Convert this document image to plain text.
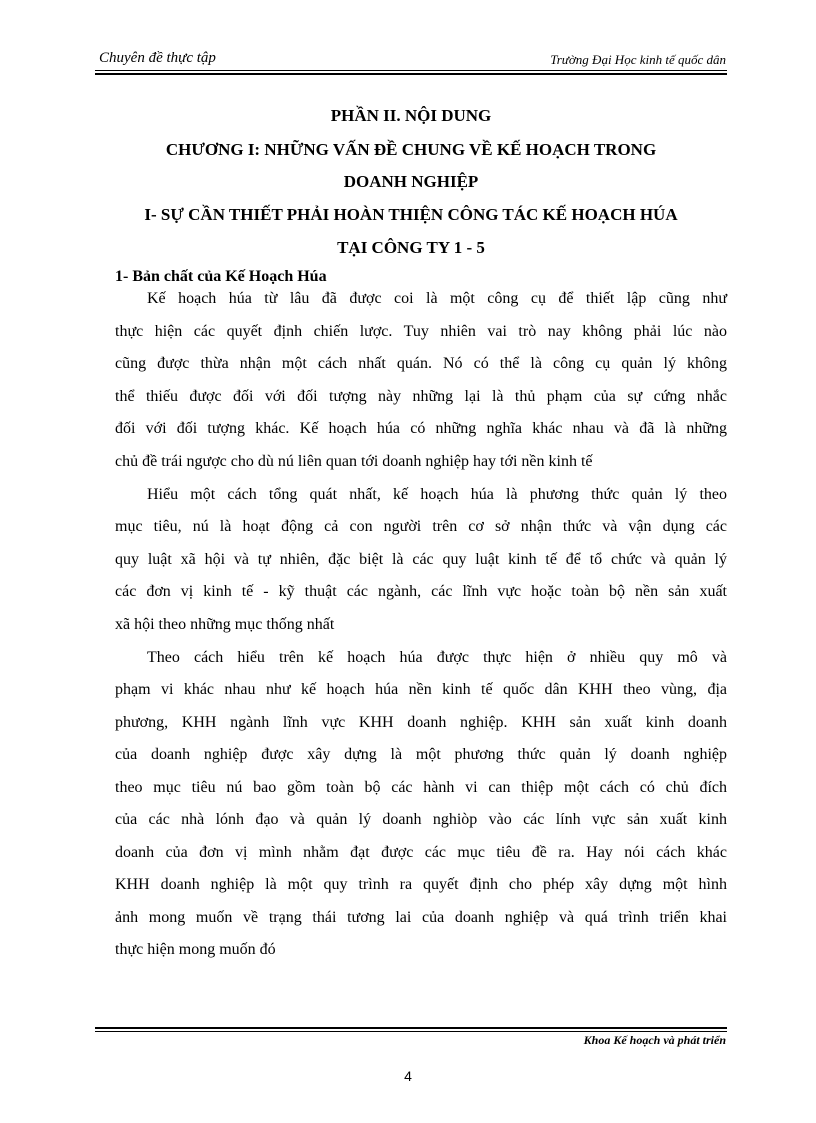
Chuyên đề thực tập	Trường Đại Học kinh tế quốc dân
PHẦN II. NỘI DUNG
CHƯƠNG I: NHỮNG VẤN ĐỀ CHUNG VỀ KẾ HOẠCH TRONG
DOANH NGHIỆP
I- SỰ CẦN THIẾT PHẢI HOÀN THIỆN CÔNG TÁC KẾ HOẠCH HÚA
TẠI CÔNG TY 1 - 5
1- Bản chất của Kế Hoạch Húa
Kế hoạch húa từ lâu đã được coi là một công cụ để thiết lập cũng như
thực hiện các quyết định chiến lược. Tuy nhiên vai trò nay không phải lúc nào
cũng được thừa nhận một cách nhất quán. Nó có thể là công cụ quản lý không
thể thiếu được đối với đối tượng này những lại là thủ phạm của sự cứng nhắc
đối với đối tượng khác. Kế hoạch húa có những nghĩa khác nhau và đã là những
chủ đề trái ngược cho dù nú liên quan tới doanh nghiệp hay tới nền kinh tế
Hiểu một cách tổng quát nhất, kế hoạch húa là phương thức quản lý theo
mục tiêu, nú là hoạt động cả con người trên cơ sở nhận thức và vận dụng các
quy luật xã hội và tự nhiên, đặc biệt là các quy luật kinh tế để tổ chức và quản lý
các đơn vị kinh tế - kỹ thuật các ngành, các lĩnh vực hoặc toàn bộ nền sản xuất
xã hội theo những mục thống nhất
Theo cách hiểu trên kế hoạch húa được thực hiện ở nhiều quy mô và
phạm vi khác nhau như kế hoạch húa nền kinh tế quốc dân KHH theo vùng, địa
phương, KHH ngành lĩnh vực KHH doanh nghiệp. KHH sản xuất kinh doanh
của doanh nghiệp được xây dựng là một phương thức quản lý doanh nghiệp
theo mục tiêu nú bao gồm toàn bộ các hành vi can thiệp một cách có chủ đích
của các nhà lónh đạo và quản lý doanh nghiòp vào các lính vực sản xuất kinh
doanh của đơn vị mình nhằm đạt được các mục tiêu đề ra. Hay nói cách khác
KHH doanh nghiệp là một quy trình ra quyết định cho phép xây dựng một hình
ảnh mong muốn về trạng thái tương lai của doanh nghiệp và quá trình triển khai
thực hiện mong muốn đó
Khoa Kế hoạch và phát triển
4
